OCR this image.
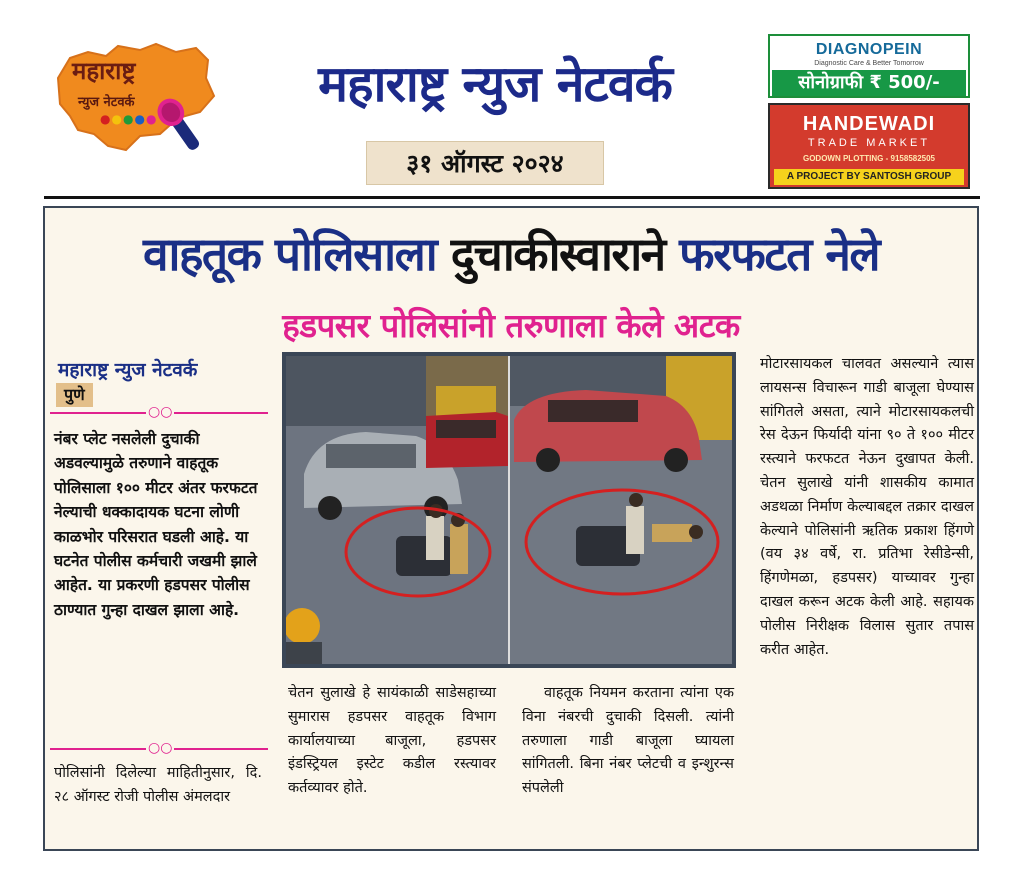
महाराष्ट्र
न्युज नेटवर्क
●●●●●
महाराष्ट्र न्युज नेटवर्क
३१ ऑगस्ट २०२४
DIAGNOPEIN
Diagnostic Care & Better Tomorrow
सोनोग्राफी ₹ 500/-
HANDEWADI
TRADE MARKET
GODOWN PLOTTING - 9158582505
A PROJECT BY SANTOSH GROUP
वाहतूक पोलिसाला दुचाकीस्वाराने फरफटत नेले
हडपसर पोलिसांनी तरुणाला केले अटक
महाराष्ट्र न्युज नेटवर्क
पुणे
○○
नंबर प्लेट नसलेली दुचाकी अडवल्यामुळे तरुणाने वाहतूक पोलिसाला १०० मीटर अंतर फरफटत नेल्याची धक्कादायक घटना लोणी काळभोर परिसरात घडली आहे. या घटनेत पोलीस कर्मचारी जखमी झाले आहेत. या प्रकरणी हडपसर पोलीस ठाण्यात गुन्हा दाखल झाला आहे.
○○
पोलिसांनी दिलेल्या माहितीनुसार, दि. २८ ऑगस्ट रोजी पोलीस अंमलदार
चेतन सुलाखे हे सायंकाळी साडेसहाच्या सुमारास हडपसर वाहतूक विभाग कार्यालयाच्या बाजूला, हडपसर इंडस्ट्रियल इस्टेट कडील रस्त्यावर कर्तव्यावर होते.
वाहतूक नियमन करताना त्यांना एक विना नंबरची दुचाकी दिसली. त्यांनी तरुणाला गाडी बाजूला घ्यायला सांगितली. बिना नंबर प्लेटची व इन्शुरन्स संपलेली
मोटारसायकल चालवत असल्याने त्यास लायसन्स विचारून गाडी बाजूला घेण्यास सांगितले असता, त्याने मोटारसायकलची रेस देऊन फिर्यादी यांना ९० ते १०० मीटर रस्त्याने फरफटत नेऊन दुखापत केली. चेतन सुलाखे यांनी शासकीय कामात अडथळा निर्माण केल्याबद्दल तक्रार दाखल केल्याने पोलिसांनी ऋतिक प्रकाश हिंगणे (वय ३४ वर्षे, रा. प्रतिभा रेसीडेन्सी, हिंगणेमळा, हडपसर) याच्यावर गुन्हा दाखल करून अटक केली आहे. सहायक पोलीस निरीक्षक विलास सुतार तपास करीत आहेत.
